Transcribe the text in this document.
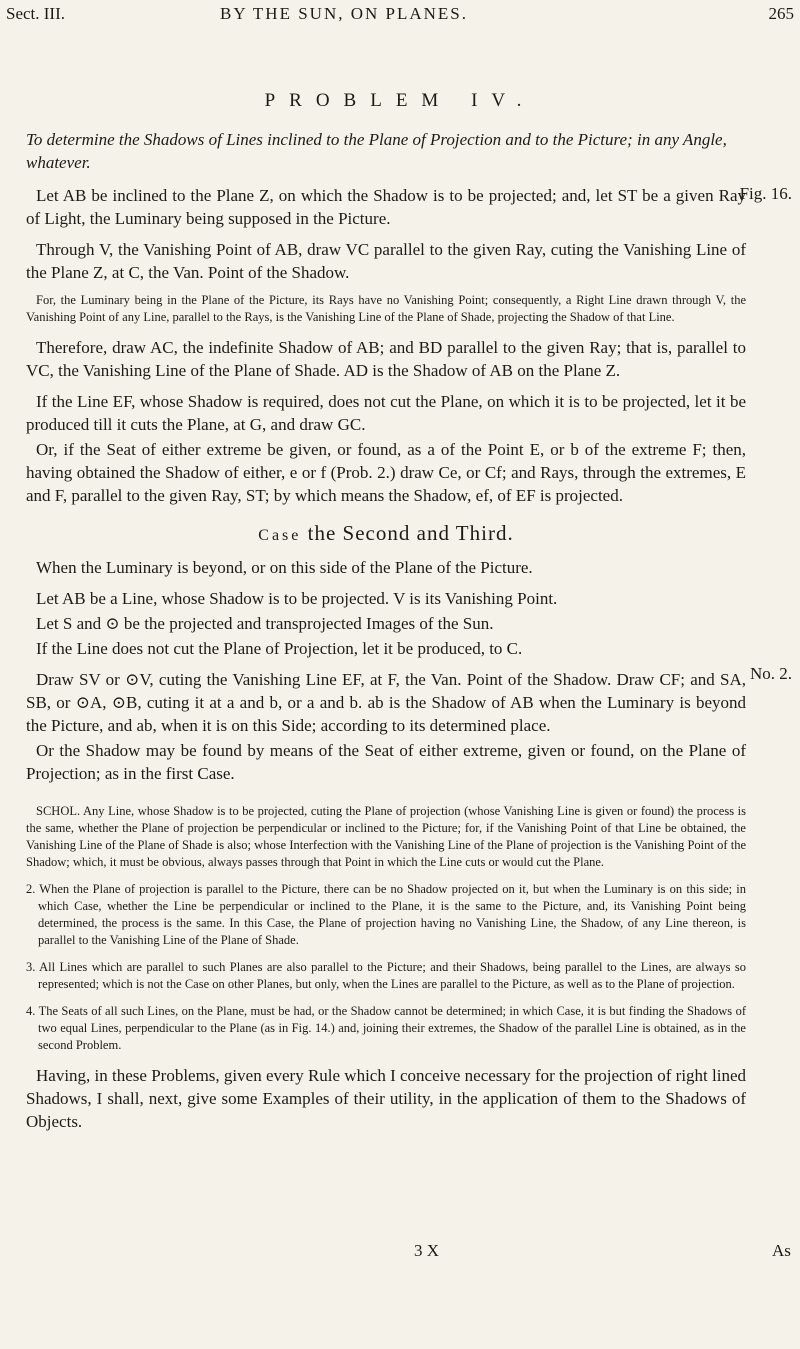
Sect. III.	BY THE SUN, ON PLANES.	265
PROBLEM IV.
To determine the Shadows of Lines inclined to the Plane of Projection and to the Picture; in any Angle, whatever.
Fig. 16.
No. 2.

Let AB be inclined to the Plane Z, on which the Shadow is to be projected; and, let ST be a given Ray of Light, the Luminary being supposed in the Picture.

Through V, the Vanishing Point of AB, draw VC parallel to the given Ray, cuting the Vanishing Line of the Plane Z, at C, the Van. Point of the Shadow.

For, the Luminary being in the Plane of the Picture, its Rays have no Vanishing Point; consequently, a Right Line drawn through V, the Vanishing Point of any Line, parallel to the Rays, is the Vanishing Line of the Plane of Shade, projecting the Shadow of that Line.

Therefore, draw AC, the indefinite Shadow of AB; and BD parallel to the given Ray; that is, parallel to VC, the Vanishing Line of the Plane of Shade. AD is the Shadow of AB on the Plane Z.

If the Line EF, whose Shadow is required, does not cut the Plane, on which it is to be projected, let it be produced till it cuts the Plane, at G, and draw GC.

Or, if the Seat of either extreme be given, or found, as a of the Point E, or b of the extreme F; then, having obtained the Shadow of either, e or f (Prob. 2.) draw Ce, or Cf; and Rays, through the extremes, E and F, parallel to the given Ray, ST; by which means the Shadow, ef, of EF is projected.

Case the Second and Third.

When the Luminary is beyond, or on this side of the Plane of the Picture.

Let AB be a Line, whose Shadow is to be projected. V is its Vanishing Point.

Let S and ⊙ be the projected and transprojected Images of the Sun.

If the Line does not cut the Plane of Projection, let it be produced, to C.

Draw SV or ⊙V, cuting the Vanishing Line EF, at F, the Van. Point of the Shadow. Draw CF; and SA, SB, or ⊙A, ⊙B, cuting it at a and b, or a and b. ab is the Shadow of AB when the Luminary is beyond the Picture, and ab, when it is on this Side; according to its determined place.

Or the Shadow may be found by means of the Seat of either extreme, given or found, on the Plane of Projection; as in the first Case.

SCHOL. Any Line, whose Shadow is to be projected, cuting the Plane of projection (whose Vanishing Line is given or found) the process is the same, whether the Plane of projection be perpendicular or inclined to the Picture; for, if the Vanishing Point of that Line be obtained, the Vanishing Line of the Plane of Shade is also; whose Interfection with the Vanishing Line of the Plane of projection is the Vanishing Point of the Shadow; which, it must be obvious, always passes through that Point in which the Line cuts or would cut the Plane.

2. When the Plane of projection is parallel to the Picture, there can be no Shadow projected on it, but when the Luminary is on this side; in which Case, whether the Line be perpendicular or inclined to the Plane, it is the same to the Picture, and, its Vanishing Point being determined, the process is the same. In this Case, the Plane of projection having no Vanishing Line, the Shadow, of any Line thereon, is parallel to the Vanishing Line of the Plane of Shade.

3. All Lines which are parallel to such Planes are also parallel to the Picture; and their Shadows, being parallel to the Lines, are always so represented; which is not the Case on other Planes, but only, when the Lines are parallel to the Picture, as well as to the Plane of projection.

4. The Seats of all such Lines, on the Plane, must be had, or the Shadow cannot be determined; in which Case, it is but finding the Shadows of two equal Lines, perpendicular to the Plane (as in Fig. 14.) and, joining their extremes, the Shadow of the parallel Line is obtained, as in the second Problem.

Having, in these Problems, given every Rule which I conceive necessary for the projection of right lined Shadows, I shall, next, give some Examples of their utility, in the application of them to the Shadows of Objects.

3 X	As
